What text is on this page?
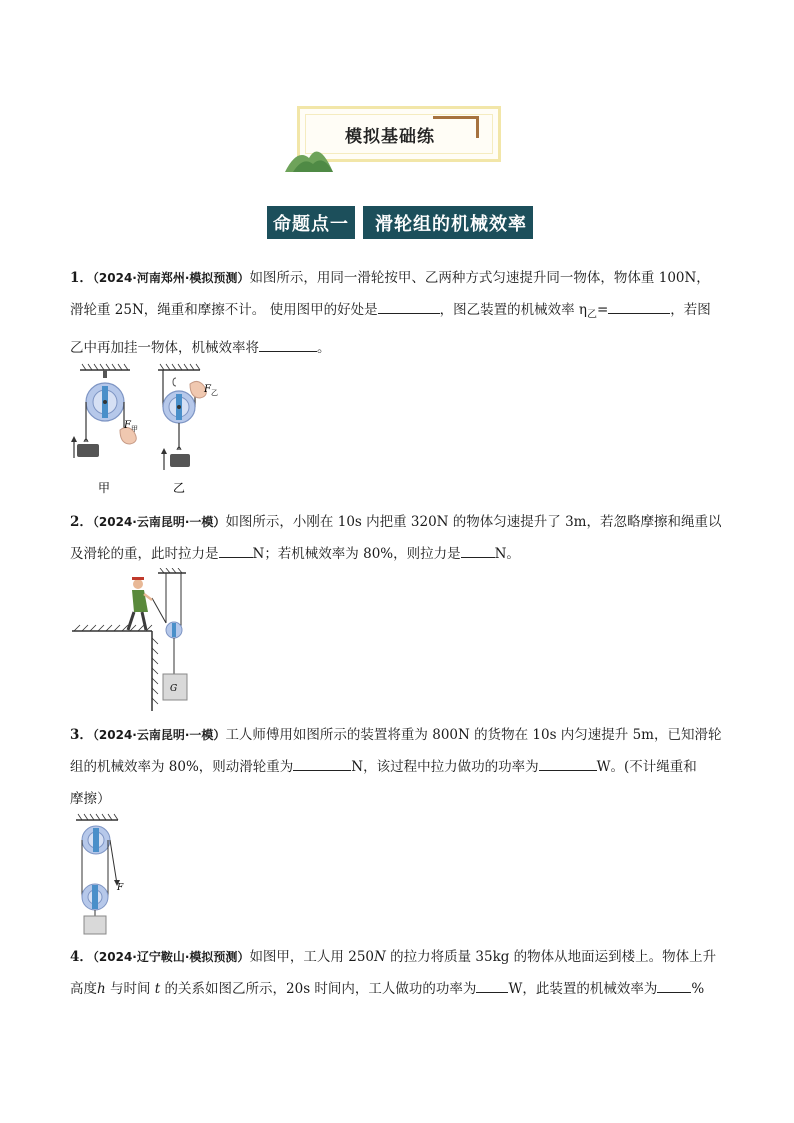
模拟基础练
命题点一	滑轮组的机械效率
1．（2024·河南郑州·模拟预测）如图所示，用同一滑轮按甲、乙两种方式匀速提升同一物体，物体重 100N，
滑轮重 25N，绳重和摩擦不计。 使用图甲的好处是	，图乙装置的机械效率 $\eta_乙=$	，若图
乙中再加挂一物体，机械效率将	。
F 甲
甲
F 乙
乙
2．（2024·云南昆明·一模）如图所示，小刚在 10s 内把重 320N 的物体匀速提升了 3m，若忽略摩擦和绳重以
及滑轮的重，此时拉力是	N；若机械效率为 80%，则拉力是	N。
G
3．（2024·云南昆明·一模）工人师傅用如图所示的装置将重为 800N 的货物在 10s 内匀速提升 5m，已知滑轮
组的机械效率为 80%，则动滑轮重为	N，该过程中拉力做功的功率为	W。(不计绳重和
摩擦）
F
4．（2024·辽宁鞍山·模拟预测）如图甲，工人用 250N 的拉力将质量 35kg 的物体从地面运到楼上。物体上升
高度h 与时间 t 的关系如图乙所示，20s 时间内，工人做功的功率为 W，此装置的机械效率为	%
